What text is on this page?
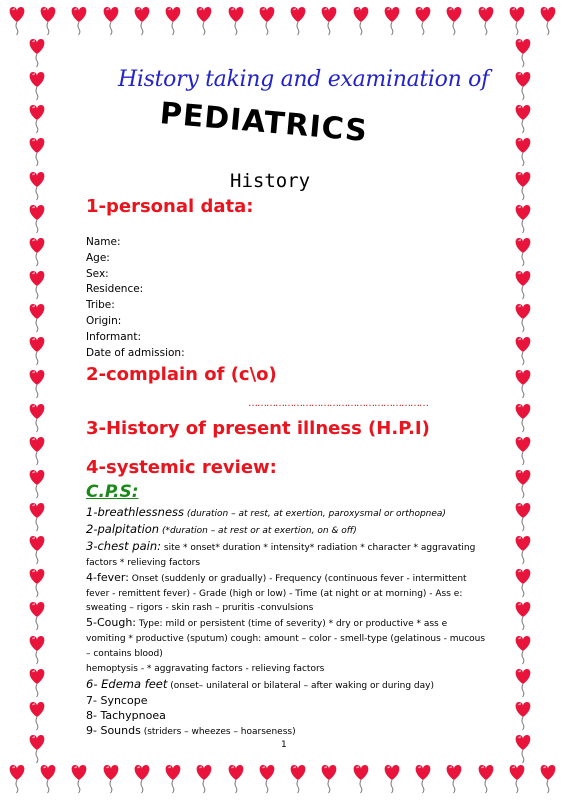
History taking and examination of
PEDIATRICS
History
1-personal data:
Name:
Age:
Sex:
Residence:
Tribe:
Origin:
Informant:
Date of admission:
2-complain of (c\o)
……………………………………………………
3-History of present illness (H.P.I)
4-systemic review:
C.P.S:

1-breathlessness (duration – at rest, at exertion, paroxysmal or orthopnea)

2-palpitation (*duration – at rest or at exertion, on & off)

3-chest pain: site * onset* duration * intensity* radiation * character * aggravating factors * relieving factors

4-fever: Onset (suddenly or gradually) - Frequency (continuous fever - intermittent fever - remittent fever) - Grade (high or low) - Time (at night or at morning) - Ass e: sweating – rigors - skin rash – pruritis -convulsions

5-Cough: Type: mild or persistent (time of severity) * dry or productive * ass e vomiting * productive (sputum) cough: amount – color - smell-type (gelatinous - mucous – contains blood)

hemoptysis - * aggravating factors - relieving factors

6- Edema feet (onset– unilateral or bilateral – after waking or during day)

7- Syncope

8- Tachypnoea

9- Sounds (striders – wheezes – hoarseness)

1
